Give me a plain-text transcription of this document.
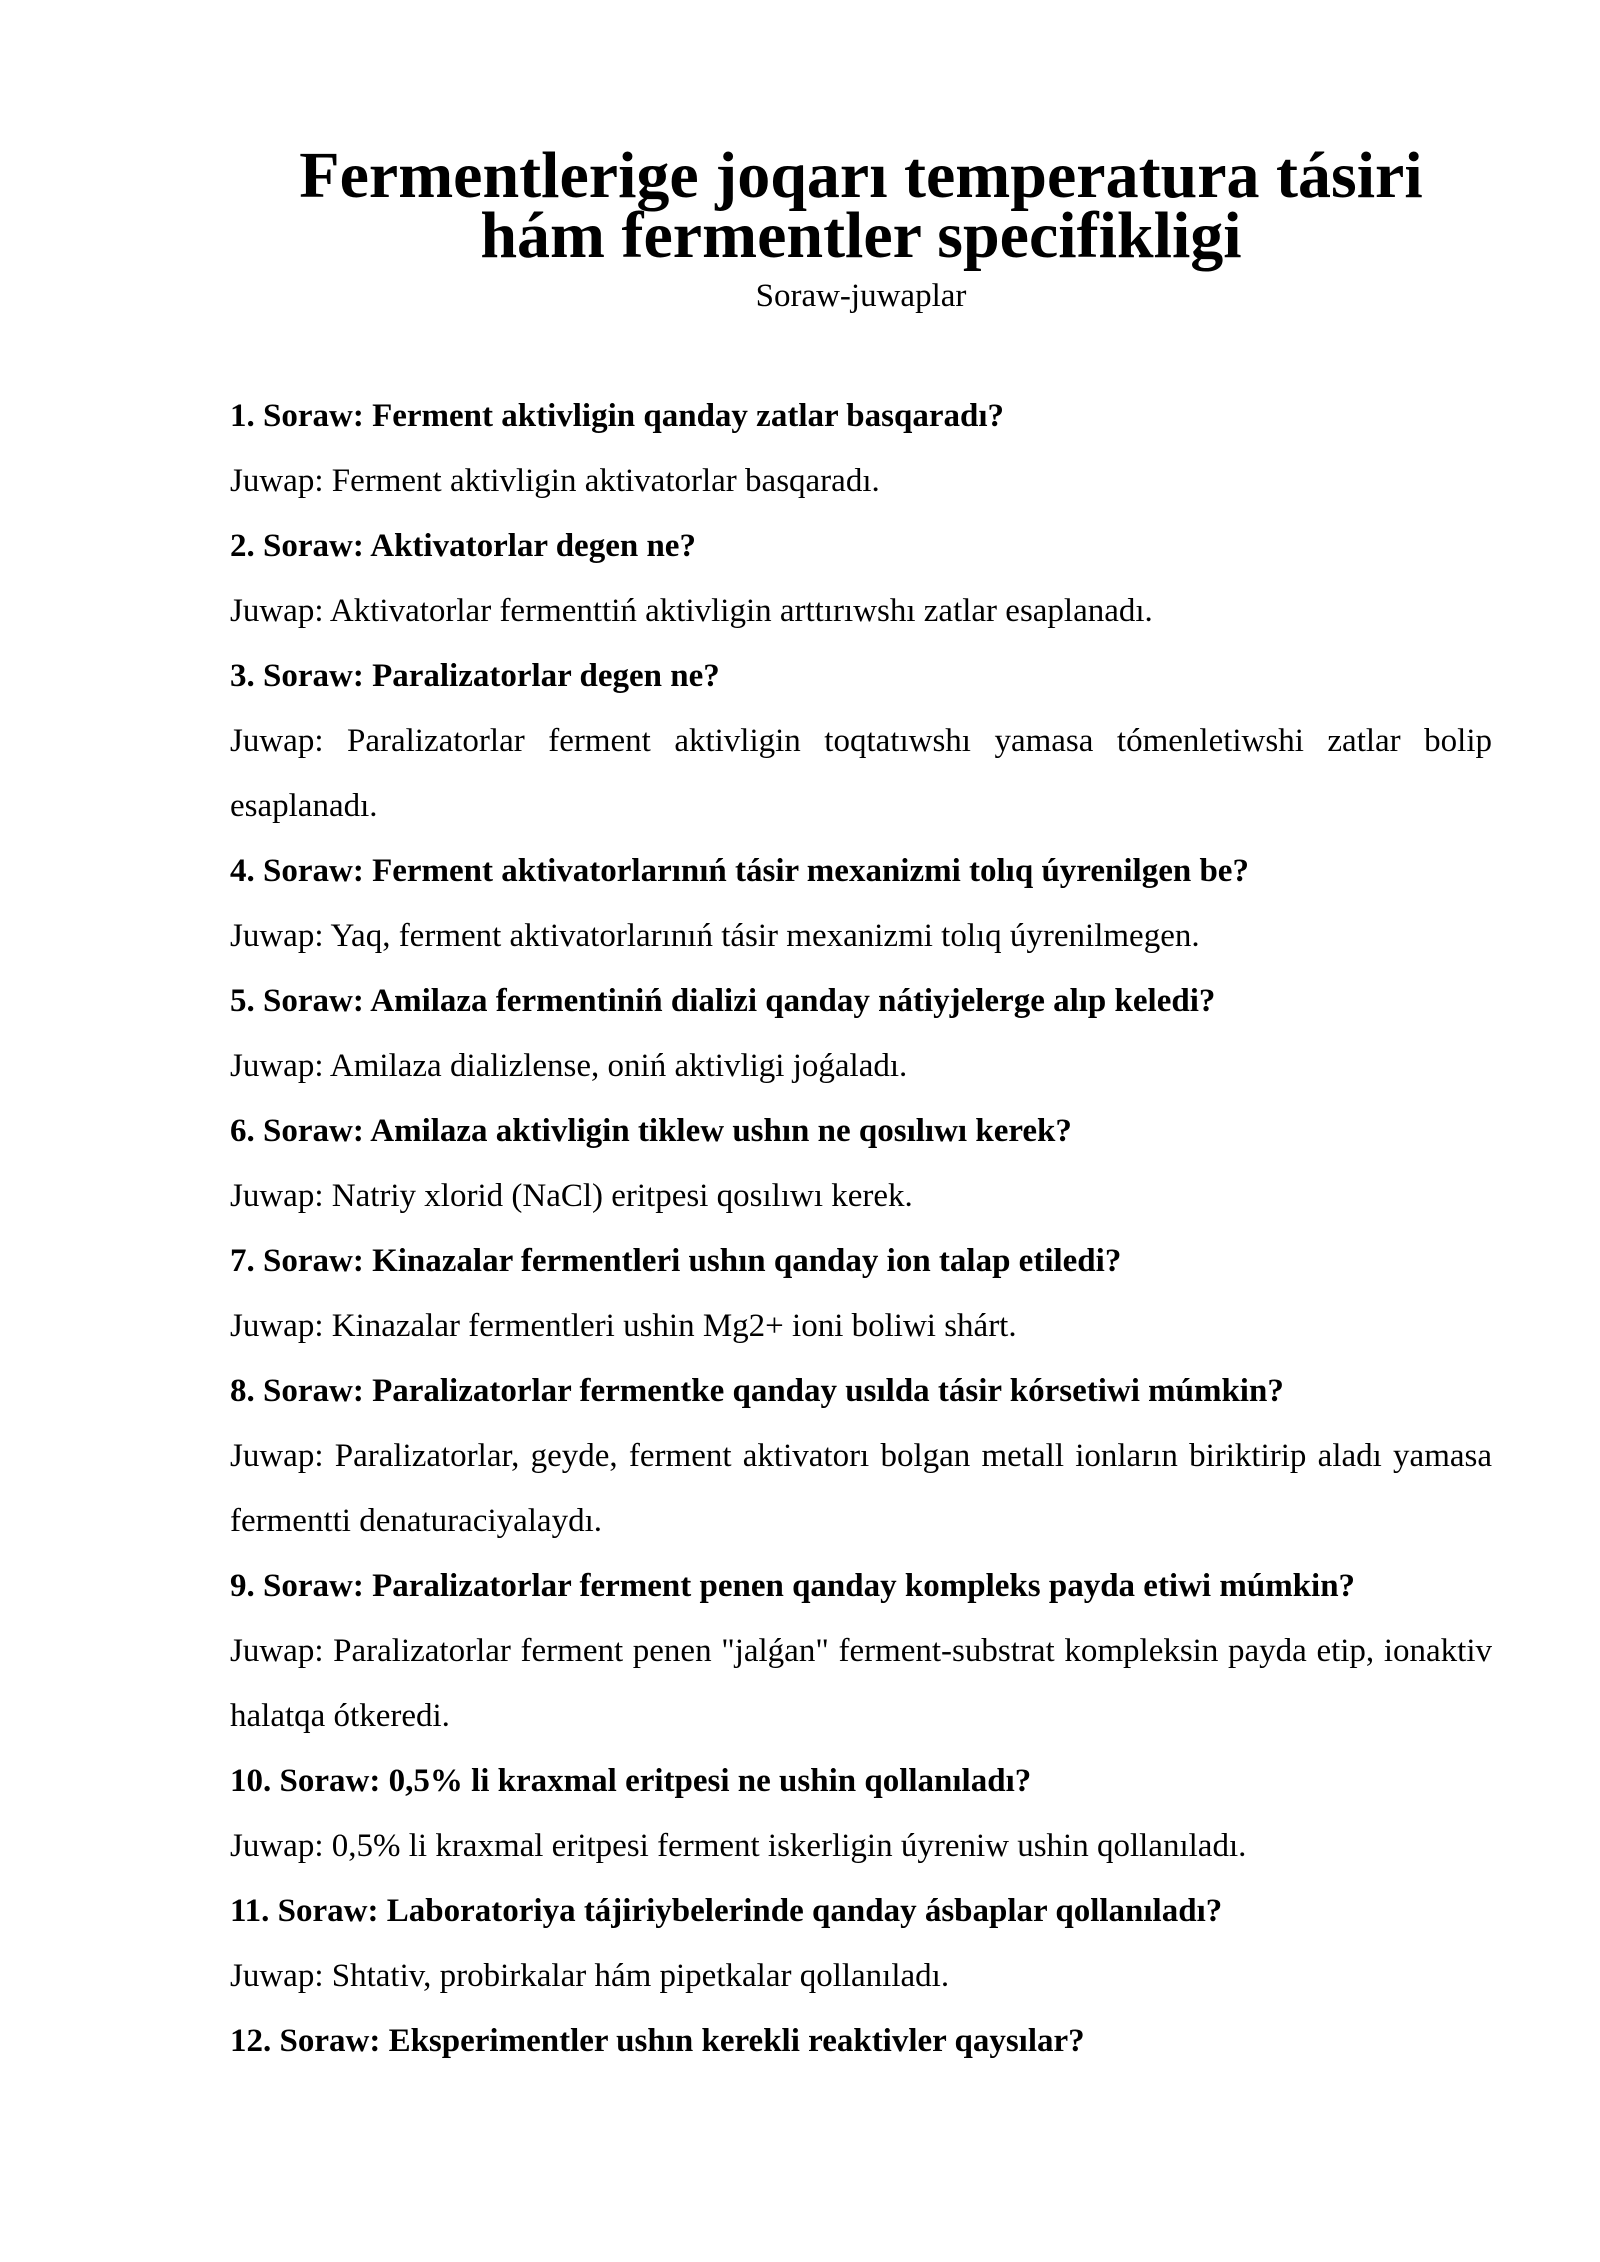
Fermentlerige joqarı temperatura tásiri hám fermentler specifikligi

Soraw-juwaplar

1. Soraw: Ferment aktivligin qanday zatlar basqaradı?

Juwap: Ferment aktivligin aktivatorlar basqaradı.

2. Soraw: Aktivatorlar degen ne?

Juwap: Aktivatorlar fermenttiń aktivligin arttırıwshı zatlar esaplanadı.

3. Soraw: Paralizatorlar degen ne?

Juwap: Paralizatorlar ferment aktivligin toqtatıwshı yamasa tómenletiwshi zatlar bolip esaplanadı.

4. Soraw: Ferment aktivatorlarınıń tásir mexanizmi tolıq úyrenilgen be?

Juwap: Yaq, ferment aktivatorlarınıń tásir mexanizmi tolıq úyrenilmegen.

5. Soraw: Amilaza fermentiniń dializi qanday nátiyjelerge alıp keledi?

Juwap: Amilaza dializlense, oniń aktivligi joǵaladı.

6. Soraw: Amilaza aktivligin tiklew ushın ne qosılıwı kerek?

Juwap: Natriy xlorid (NaCl) eritpesi qosılıwı kerek.

7. Soraw: Kinazalar fermentleri ushın qanday ion talap etiledi?

Juwap: Kinazalar fermentleri ushin Mg2+ ioni boliwi shárt.

8. Soraw: Paralizatorlar fermentke qanday usılda tásir kórsetiwi múmkin?

Juwap: Paralizatorlar, geyde, ferment aktivatorı bolgan metall ionların biriktirip aladı yamasa fermentti denaturaciyalaydı.

9. Soraw: Paralizatorlar ferment penen qanday kompleks payda etiwi múmkin?

Juwap: Paralizatorlar ferment penen "jalǵan" ferment-substrat kompleksin payda etip, ionaktiv halatqa ótkeredi.

10. Soraw: 0,5% li kraxmal eritpesi ne ushin qollanıladı?

Juwap: 0,5% li kraxmal eritpesi ferment iskerligin úyreniw ushin qollanıladı.

11. Soraw: Laboratoriya tájiriybelerinde qanday ásbaplar qollanıladı?

Juwap: Shtativ, probirkalar hám pipetkalar qollanıladı.

12. Soraw: Eksperimentler ushın kerekli reaktivler qaysılar?
